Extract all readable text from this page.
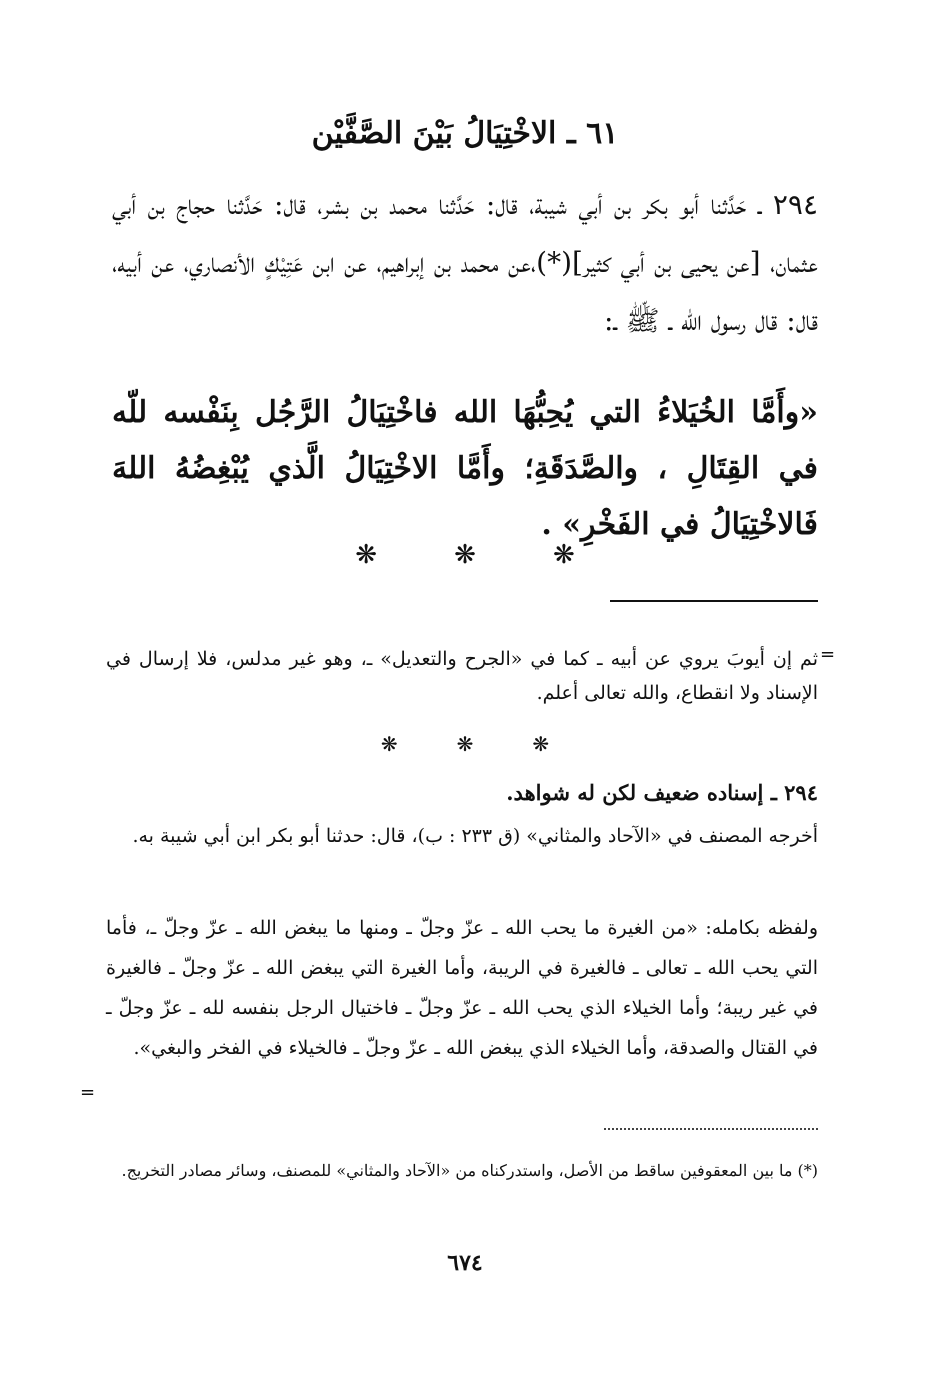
٦١ ـ الاخْتِيَالُ بَيْنَ الصَّفَّيْن
٢٩٤ ـ حَدَّثنا أبو بكر بن أبي شيبة، قال: حَدَّثنا محمد بن بشر، قال: حَدَّثنا حجاج بن أبي عثمان، [عن يحيى بن أبي كثير](*)،عن محمد بن إبراهيم، عن ابن عَتِيْكٍ الأنصاري، عن أبيه، قال: قال رسول الله ـ ﷺ ـ:
«وأَمَّا الخُيَلاءُ التي يُحِبُّهَا الله فاخْتِيَالُ الرَّجُل بِنَفْسه للّه في القِتَالِ ، والصَّدَقَةِ؛ وأَمَّا الاخْتِيَالُ الَّذي يُبْغِضُهُ اللهَ فَالاخْتِيَالُ في الفَخْرِ» .
❋	❋	❋
=
ثم إن أيوبَ يروي عن أبيه ـ كما في «الجرح والتعديل» ـ، وهو غير مدلس، فلا إرسال في الإسناد ولا انقطاع، والله تعالى أعلم.
❋	❋	❋
٢٩٤ ـ إسناده ضعيف لكن له شواهد.
أخرجه المصنف في «الآحاد والمثاني» (ق ٢٣٣ : ب)، قال: حدثنا أبو بكر ابن أبي شيبة به.
ولفظه بكامله: «من الغيرة ما يحب الله ـ عزّ وجلّ ـ ومنها ما يبغض الله ـ عزّ وجلّ ـ، فأما التي يحب الله ـ تعالى ـ فالغيرة في الريبة، وأما الغيرة التي يبغض الله ـ عزّ وجلّ ـ فالغيرة في غير ريبة؛ وأما الخيلاء الذي يحب الله ـ عزّ وجلّ ـ فاختيال الرجل بنفسه لله ـ عزّ وجلّ ـ في القتال والصدقة، وأما الخيلاء الذي يبغض الله ـ عزّ وجلّ ـ فالخيلاء في الفخر والبغي».
=
(*) ما بين المعقوفين ساقط من الأصل، واستدركناه من «الآحاد والمثاني» للمصنف، وسائر مصادر التخريج.
٦٧٤
